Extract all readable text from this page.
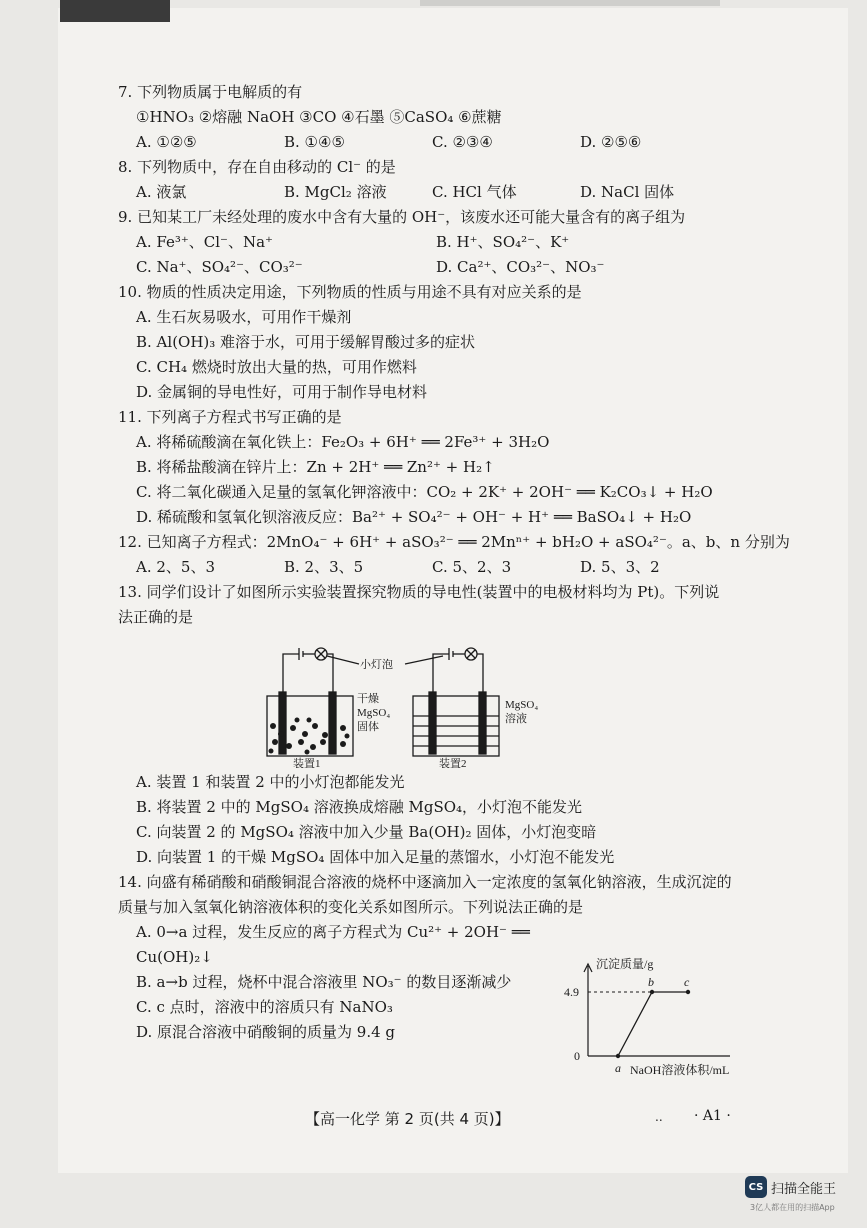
7. 下列物质属于电解质的有

①HNO₃ ②熔融 NaOH ③CO ④石墨 ⑤CaSO₄ ⑥蔗糖

A. ①②⑤	B. ①④⑤	C. ②③④	D. ②⑤⑥

8. 下列物质中，存在自由移动的 Cl⁻ 的是

A. 液氯	B. MgCl₂ 溶液	C. HCl 气体	D. NaCl 固体

9. 已知某工厂未经处理的废水中含有大量的 OH⁻，该废水还可能大量含有的离子组为

A. Fe³⁺、Cl⁻、Na⁺	B. H⁺、SO₄²⁻、K⁺
C. Na⁺、SO₄²⁻、CO₃²⁻	D. Ca²⁺、CO₃²⁻、NO₃⁻

10. 物质的性质决定用途，下列物质的性质与用途不具有对应关系的是

A. 生石灰易吸水，可用作干燥剂

B. Al(OH)₃ 难溶于水，可用于缓解胃酸过多的症状

C. CH₄ 燃烧时放出大量的热，可用作燃料

D. 金属铜的导电性好，可用于制作导电材料

11. 下列离子方程式书写正确的是

A. 将稀硫酸滴在氧化铁上：Fe₂O₃ + 6H⁺ ══ 2Fe³⁺ + 3H₂O

B. 将稀盐酸滴在锌片上：Zn + 2H⁺ ══ Zn²⁺ + H₂↑

C. 将二氧化碳通入足量的氢氧化钾溶液中：CO₂ + 2K⁺ + 2OH⁻ ══ K₂CO₃↓ + H₂O

D. 稀硫酸和氢氧化钡溶液反应：Ba²⁺ + SO₄²⁻ + OH⁻ + H⁺ ══ BaSO₄↓ + H₂O

12. 已知离子方程式：2MnO₄⁻ + 6H⁺ + aSO₃²⁻ ══ 2Mnⁿ⁺ + bH₂O + aSO₄²⁻。a、b、n 分别为

A. 2、5、3	B. 2、3、5	C. 5、2、3	D. 5、3、2

13. 同学们设计了如图所示实验装置探究物质的导电性(装置中的电极材料均为 Pt)。下列说

法正确的是

小灯泡
干燥
MgSO₄
固体
MgSO₄
溶液
装置1	装置2

A. 装置 1 和装置 2 中的小灯泡都能发光

B. 将装置 2 中的 MgSO₄ 溶液换成熔融 MgSO₄，小灯泡不能发光

C. 向装置 2 的 MgSO₄ 溶液中加入少量 Ba(OH)₂ 固体，小灯泡变暗

D. 向装置 1 的干燥 MgSO₄ 固体中加入足量的蒸馏水，小灯泡不能发光

14. 向盛有稀硝酸和硝酸铜混合溶液的烧杯中逐滴加入一定浓度的氢氧化钠溶液，生成沉淀的

质量与加入氢氧化钠溶液体积的变化关系如图所示。下列说法正确的是

A. 0→a 过程，发生反应的离子方程式为 Cu²⁺ + 2OH⁻ ══

Cu(OH)₂↓

B. a→b 过程，烧杯中混合溶液里 NO₃⁻ 的数目逐渐减少

C. c 点时，溶液中的溶质只有 NaNO₃

D. 原混合溶液中硝酸铜的质量为 9.4 g

沉淀质量/g
NaOH溶液体积/mL
4.9
0
a
b	c
【高一化学 第 2 页(共 4 页)】	.. · A1 ·
CS 扫描全能王
3亿人都在用的扫描App
